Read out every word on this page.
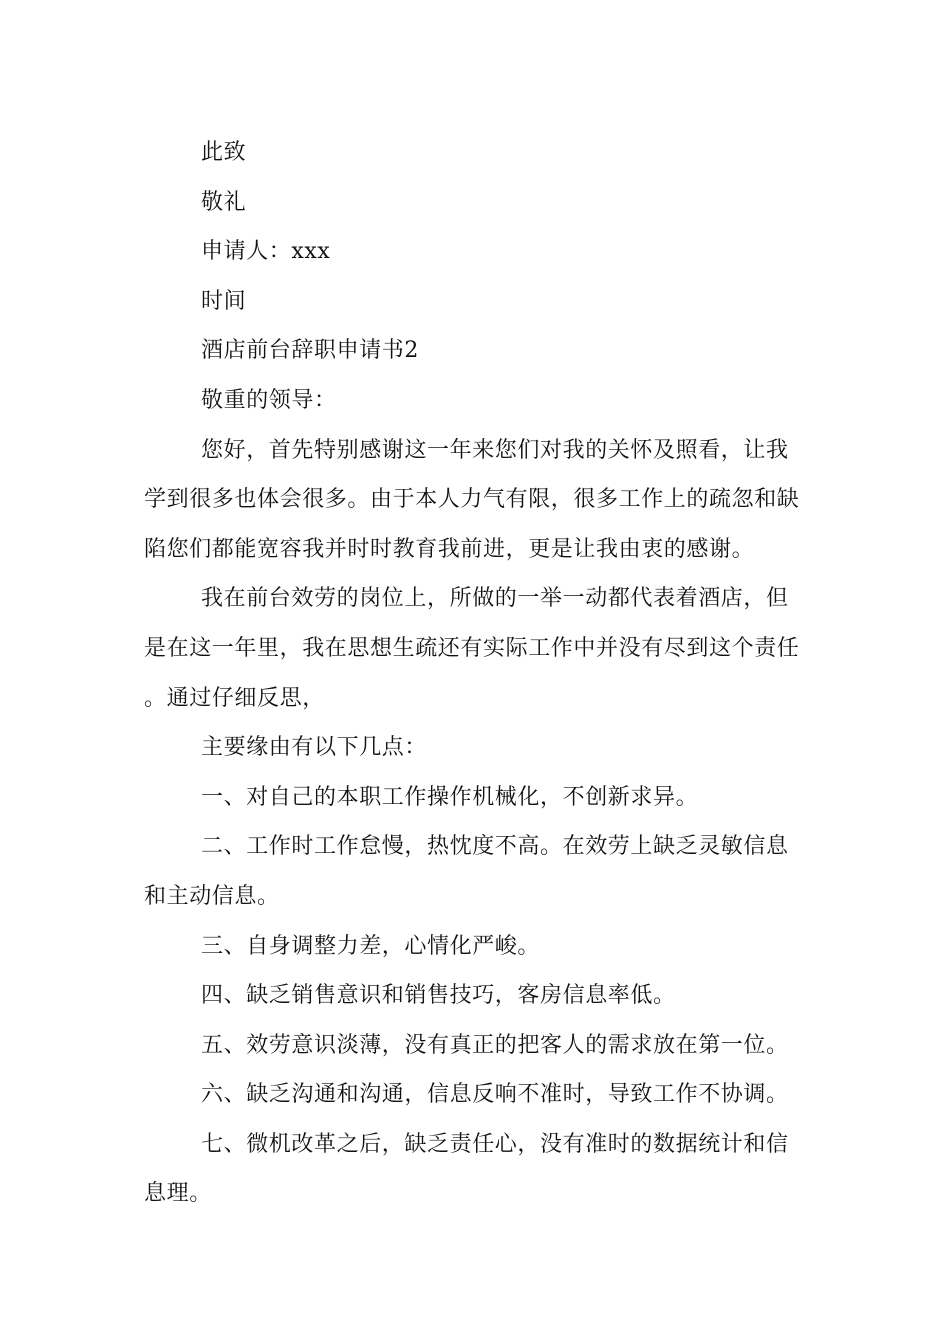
此致

敬礼

申请人：xxx

时间

酒店前台辞职申请书2

敬重的领导：

您好，首先特别感谢这一年来您们对我的关怀及照看，让我学到很多也体会很多。由于本人力气有限，很多工作上的疏忽和缺陷您们都能宽容我并时时教育我前进，更是让我由衷的感谢。

我在前台效劳的岗位上，所做的一举一动都代表着酒店，但是在这一年里，我在思想生疏还有实际工作中并没有尽到这个责任。通过仔细反思，

主要缘由有以下几点：

一、对自己的本职工作操作机械化，不创新求异。

二、工作时工作怠慢，热忱度不高。在效劳上缺乏灵敏信息和主动信息。

三、自身调整力差，心情化严峻。

四、缺乏销售意识和销售技巧，客房信息率低。

五、效劳意识淡薄，没有真正的把客人的需求放在第一位。

六、缺乏沟通和沟通，信息反响不准时，导致工作不协调。

七、微机改革之后，缺乏责任心，没有准时的数据统计和信息理。
